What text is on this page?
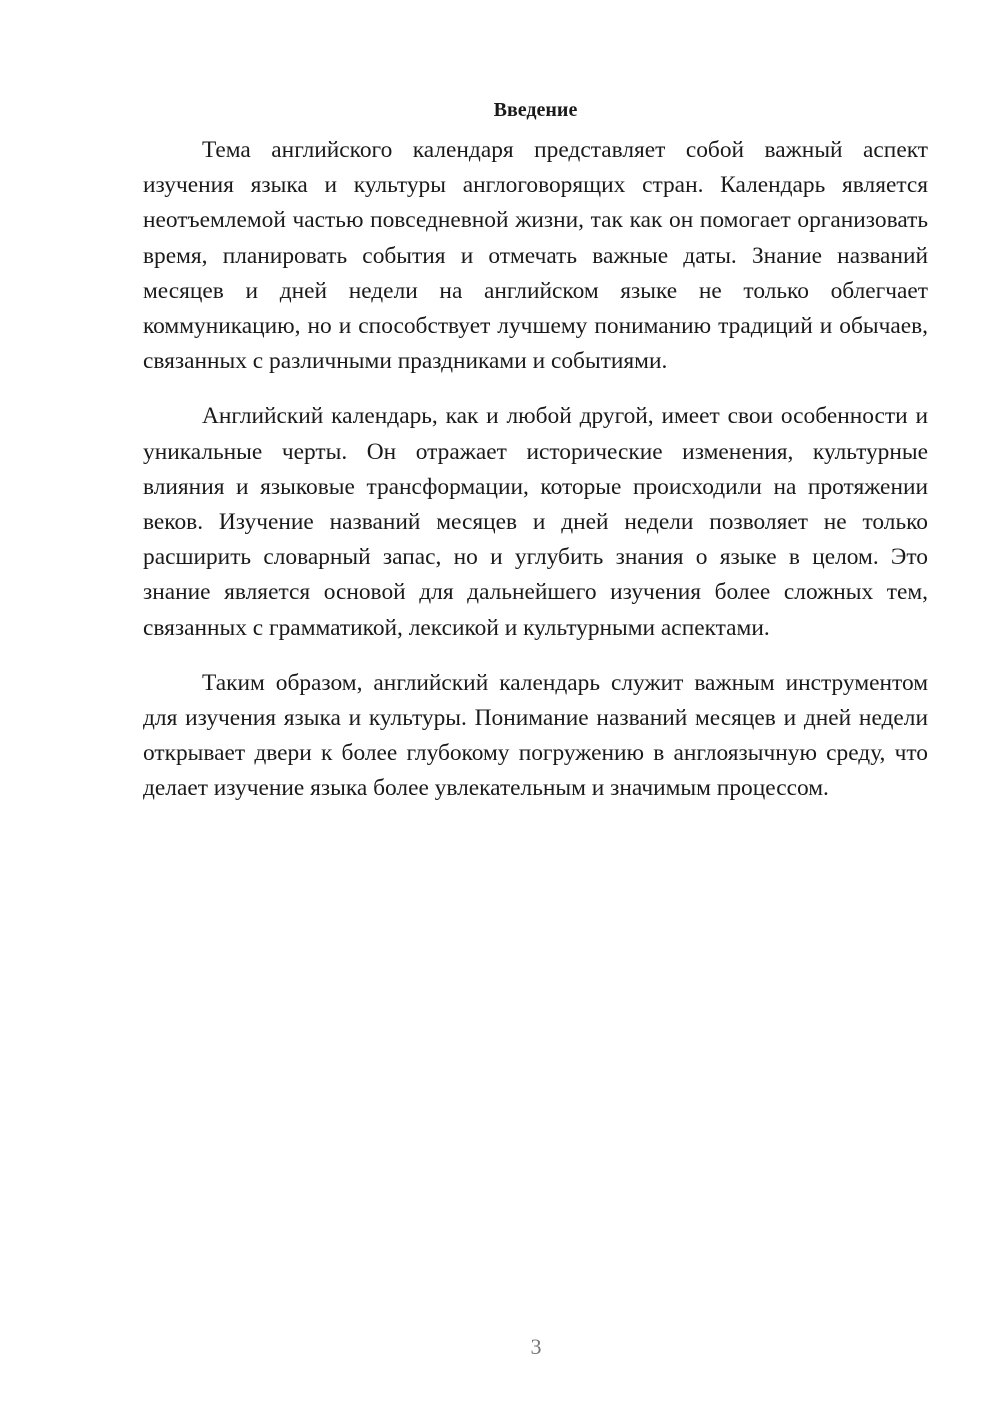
Введение

Тема английского календаря представляет собой важный аспект изучения языка и культуры англоговорящих стран. Календарь является неотъемлемой частью повседневной жизни, так как он помогает организовать время, планировать события и отмечать важные даты. Знание названий месяцев и дней недели на английском языке не только облегчает коммуникацию, но и способствует лучшему пониманию традиций и обычаев, связанных с различными праздниками и событиями.

Английский календарь, как и любой другой, имеет свои особенности и уникальные черты. Он отражает исторические изменения, культурные влияния и языковые трансформации, которые происходили на протяжении веков. Изучение названий месяцев и дней недели позволяет не только расширить словарный запас, но и углубить знания о языке в целом. Это знание является основой для дальнейшего изучения более сложных тем, связанных с грамматикой, лексикой и культурными аспектами.

Таким образом, английский календарь служит важным инструментом для изучения языка и культуры. Понимание названий месяцев и дней недели открывает двери к более глубокому погружению в англоязычную среду, что делает изучение языка более увлекательным и значимым процессом.

3
